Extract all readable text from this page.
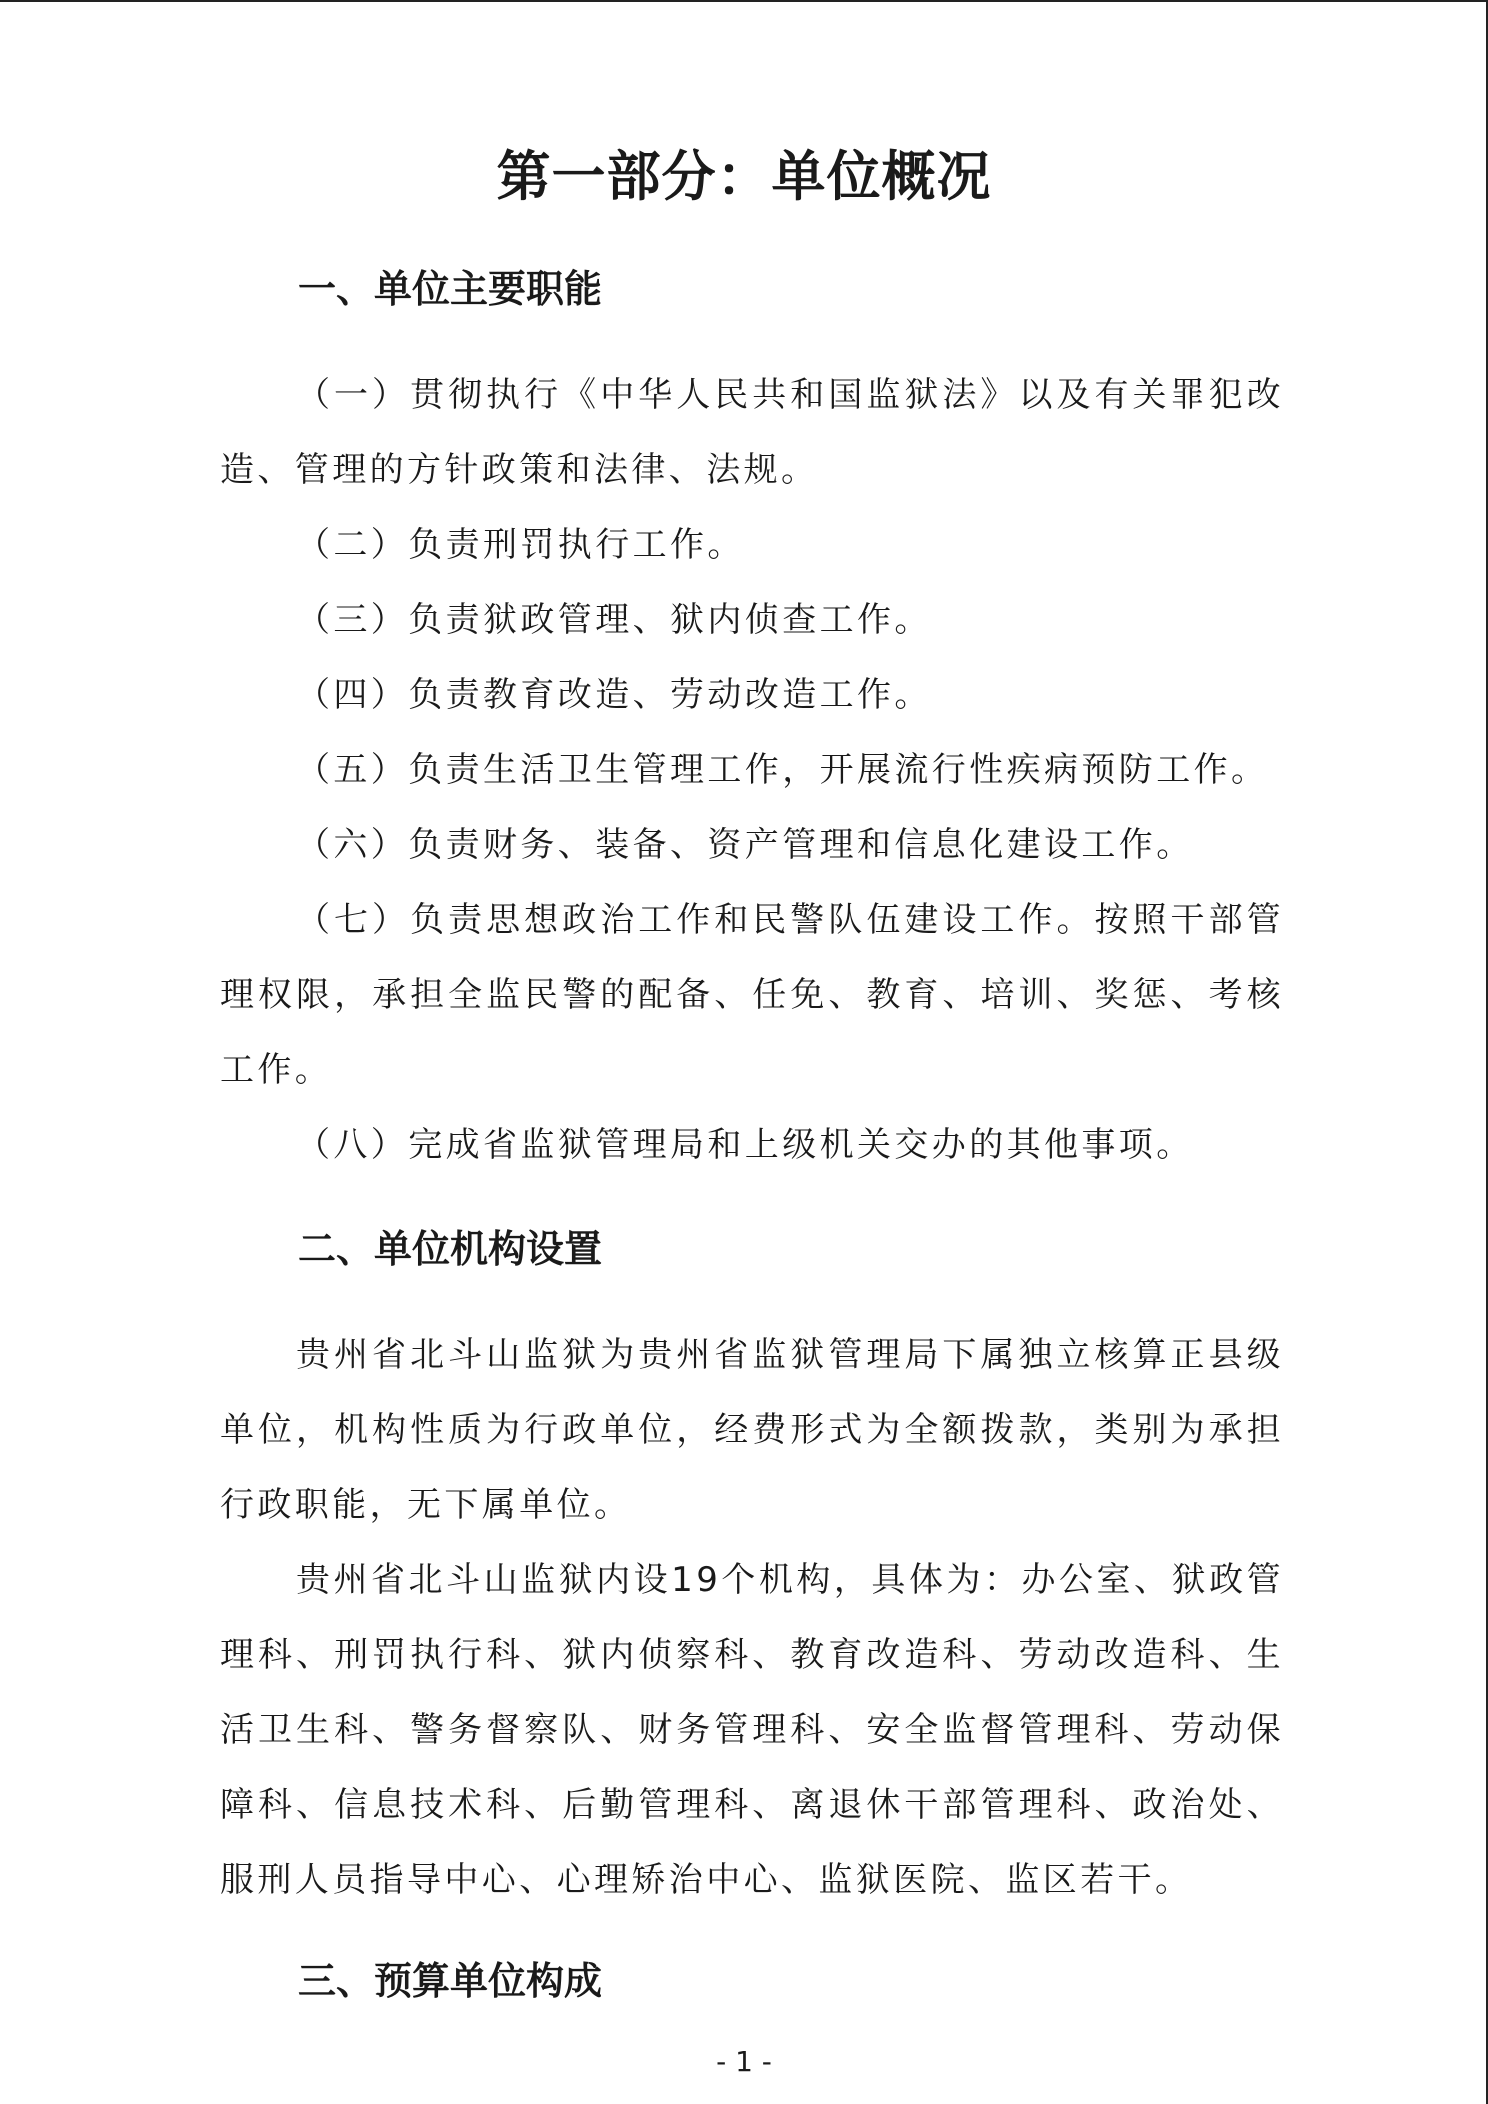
第一部分：单位概况
一、单位主要职能

（一）贯彻执行《中华人民共和国监狱法》以及有关罪犯改造、管理的方针政策和法律、法规。

（二）负责刑罚执行工作。

（三）负责狱政管理、狱内侦查工作。

（四）负责教育改造、劳动改造工作。

（五）负责生活卫生管理工作，开展流行性疾病预防工作。

（六）负责财务、装备、资产管理和信息化建设工作。

（七）负责思想政治工作和民警队伍建设工作。按照干部管理权限，承担全监民警的配备、任免、教育、培训、奖惩、考核工作。

（八）完成省监狱管理局和上级机关交办的其他事项。

二、单位机构设置

贵州省北斗山监狱为贵州省监狱管理局下属独立核算正县级单位，机构性质为行政单位，经费形式为全额拨款，类别为承担行政职能，无下属单位。

贵州省北斗山监狱内设19个机构，具体为：办公室、狱政管理科、刑罚执行科、狱内侦察科、教育改造科、劳动改造科、生活卫生科、警务督察队、财务管理科、安全监督管理科、劳动保障科、信息技术科、后勤管理科、离退休干部管理科、政治处、服刑人员指导中心、心理矫治中心、监狱医院、监区若干。

三、预算单位构成
- 1 -
